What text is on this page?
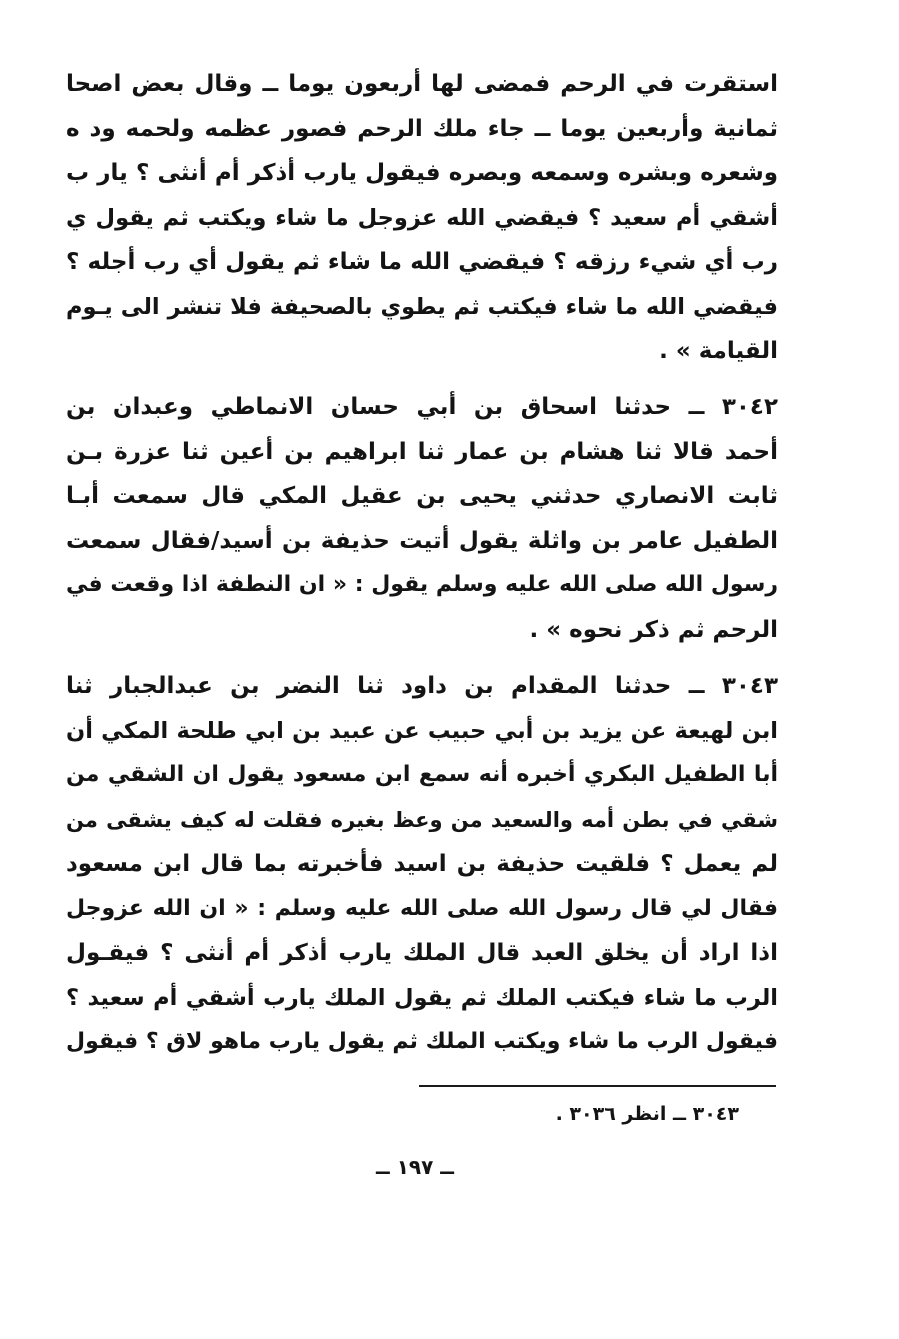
استقرت في الرحم فمضى لها أربعون يوما ــ وقال بعض اصحا
ثمانية وأربعين يوما ــ جاء ملك الرحم فصور عظمه ولحمه ود ه
وشعره وبشره وسمعه وبصره فيقول يارب أذكر أم أنثى ؟ يار ب
أشقي أم سعيد ؟ فيقضي الله عزوجل ما شاء ويكتب ثم يقول ي
رب أي شيء رزقه ؟ فيقضي الله ما شاء ثم يقول أي رب أجله ؟
فيقضي الله ما شاء فيكتب ثم يطوي بالصحيفة فلا تنشر الى يـوم
القيامة » .
٣٠٤٢ ــ حدثنا اسحاق بن أبي حسان الانماطي وعبدان بن
أحمد قالا ثنا هشام بن عمار ثنا ابراهيم بن أعين ثنا عزرة بـن
ثابت الانصاري حدثني يحيى بن عقيل المكي قال سمعت أبـا
الطفيل عامر بن واثلة يقول أتيت حذيفة بن أسيد/فقال سمعت
رسول الله صلى الله عليه وسلم يقول : « ان النطفة اذا وقعت في
الرحم ثم ذكر نحوه » .
٣٠٤٣ ــ حدثنا المقدام بن داود ثنا النضر بن عبدالجبار ثنا
ابن لهيعة عن يزيد بن أبي حبيب عن عبيد بن ابي طلحة المكي أن
أبا الطفيل البكري أخبره أنه سمع ابن مسعود يقول ان الشقي من
شقي في بطن أمه والسعيد من وعظ بغيره فقلت له كيف يشقى من
لم يعمل ؟ فلقيت حذيفة بن اسيد فأخبرته بما قال ابن مسعود
فقال لي قال رسول الله صلى الله عليه وسلم : « ان الله عزوجل
اذا اراد أن يخلق العبد قال الملك يارب أذكر أم أنثى ؟ فيقـول
الرب ما شاء فيكتب الملك ثم يقول الملك يارب أشقي أم سعيد ؟
فيقول الرب ما شاء ويكتب الملك ثم يقول يارب ماهو لاق ؟ فيقول
٣٠٤٣ ــ انظر ٣٠٣٦ .
ــ ١٩٧ ــ
